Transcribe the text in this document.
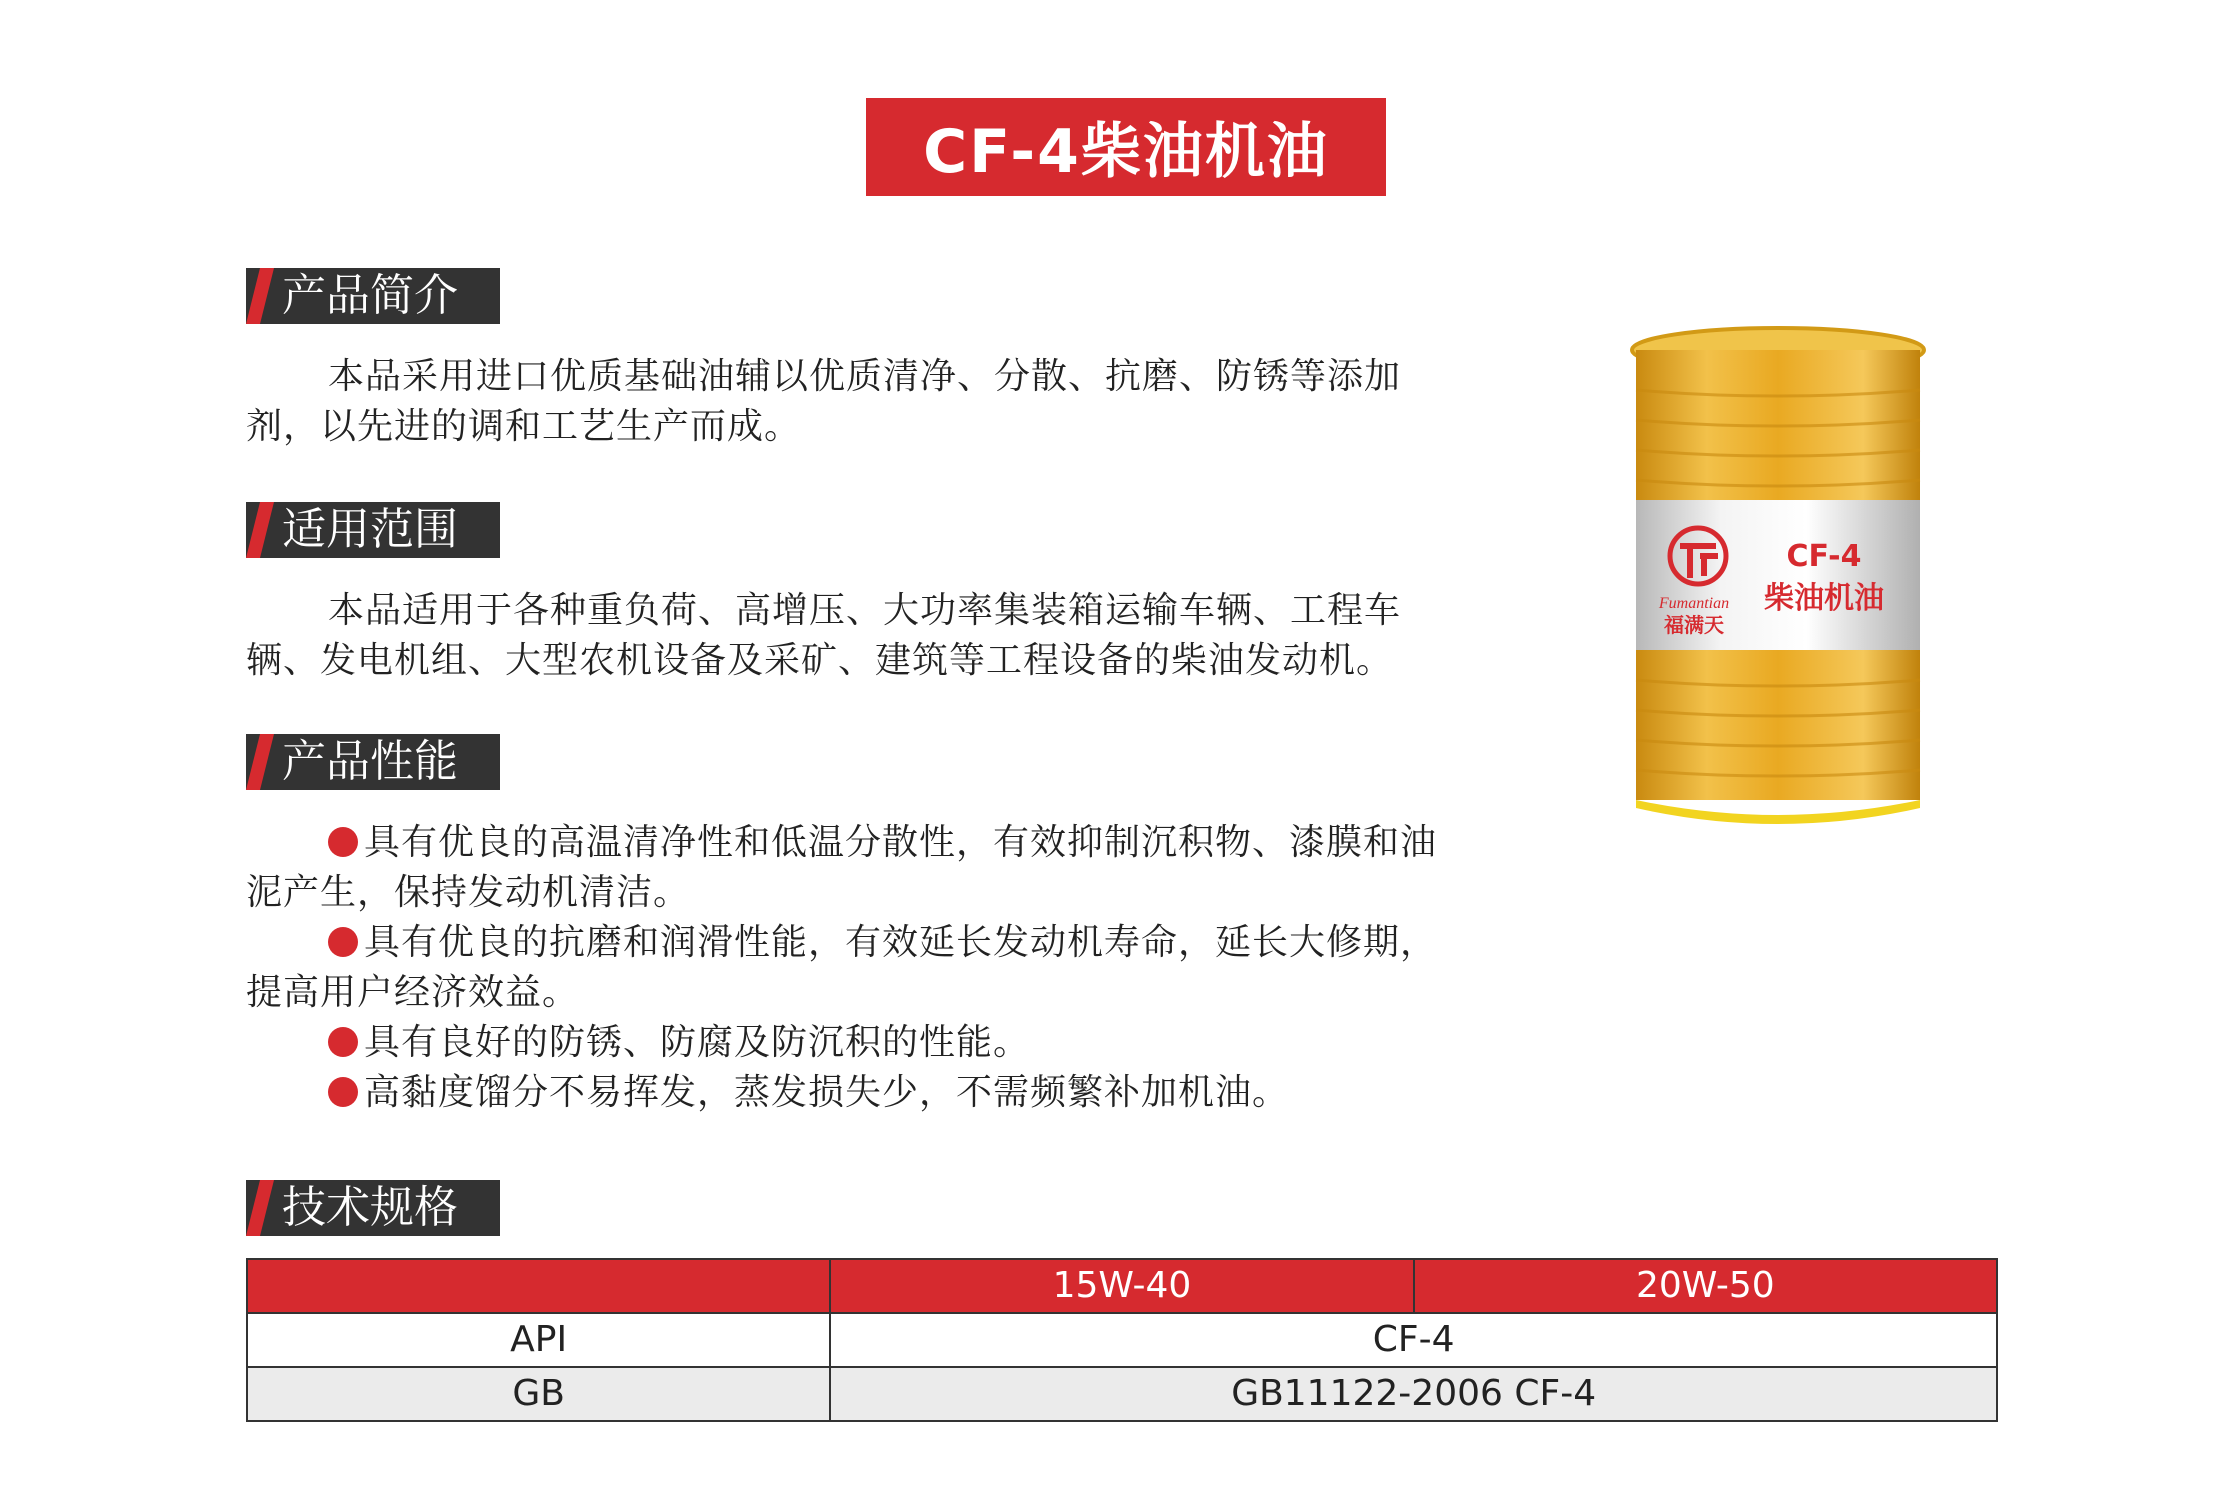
CF-4柴油机油
产品简介
本品采用进口优质基础油辅以优质清净、分散、抗磨、防锈等添加剂，以先进的调和工艺生产而成。
适用范围
本品适用于各种重负荷、高增压、大功率集装箱运输车辆、工程车辆、发电机组、大型农机设备及采矿、建筑等工程设备的柴油发动机。
产品性能
具有优良的高温清净性和低温分散性，有效抑制沉积物、漆膜和油泥产生，保持发动机清洁。
具有优良的抗磨和润滑性能，有效延长发动机寿命，延长大修期，提高用户经济效益。
具有良好的防锈、防腐及防沉积的性能。
高黏度馏分不易挥发，蒸发损失少，不需频繁补加机油。
技术规格
	15W-40	20W-50
API	CF-4	
GB	GB11122-2006 CF-4	
Fumantian
福满天
CF-4
柴油机油
